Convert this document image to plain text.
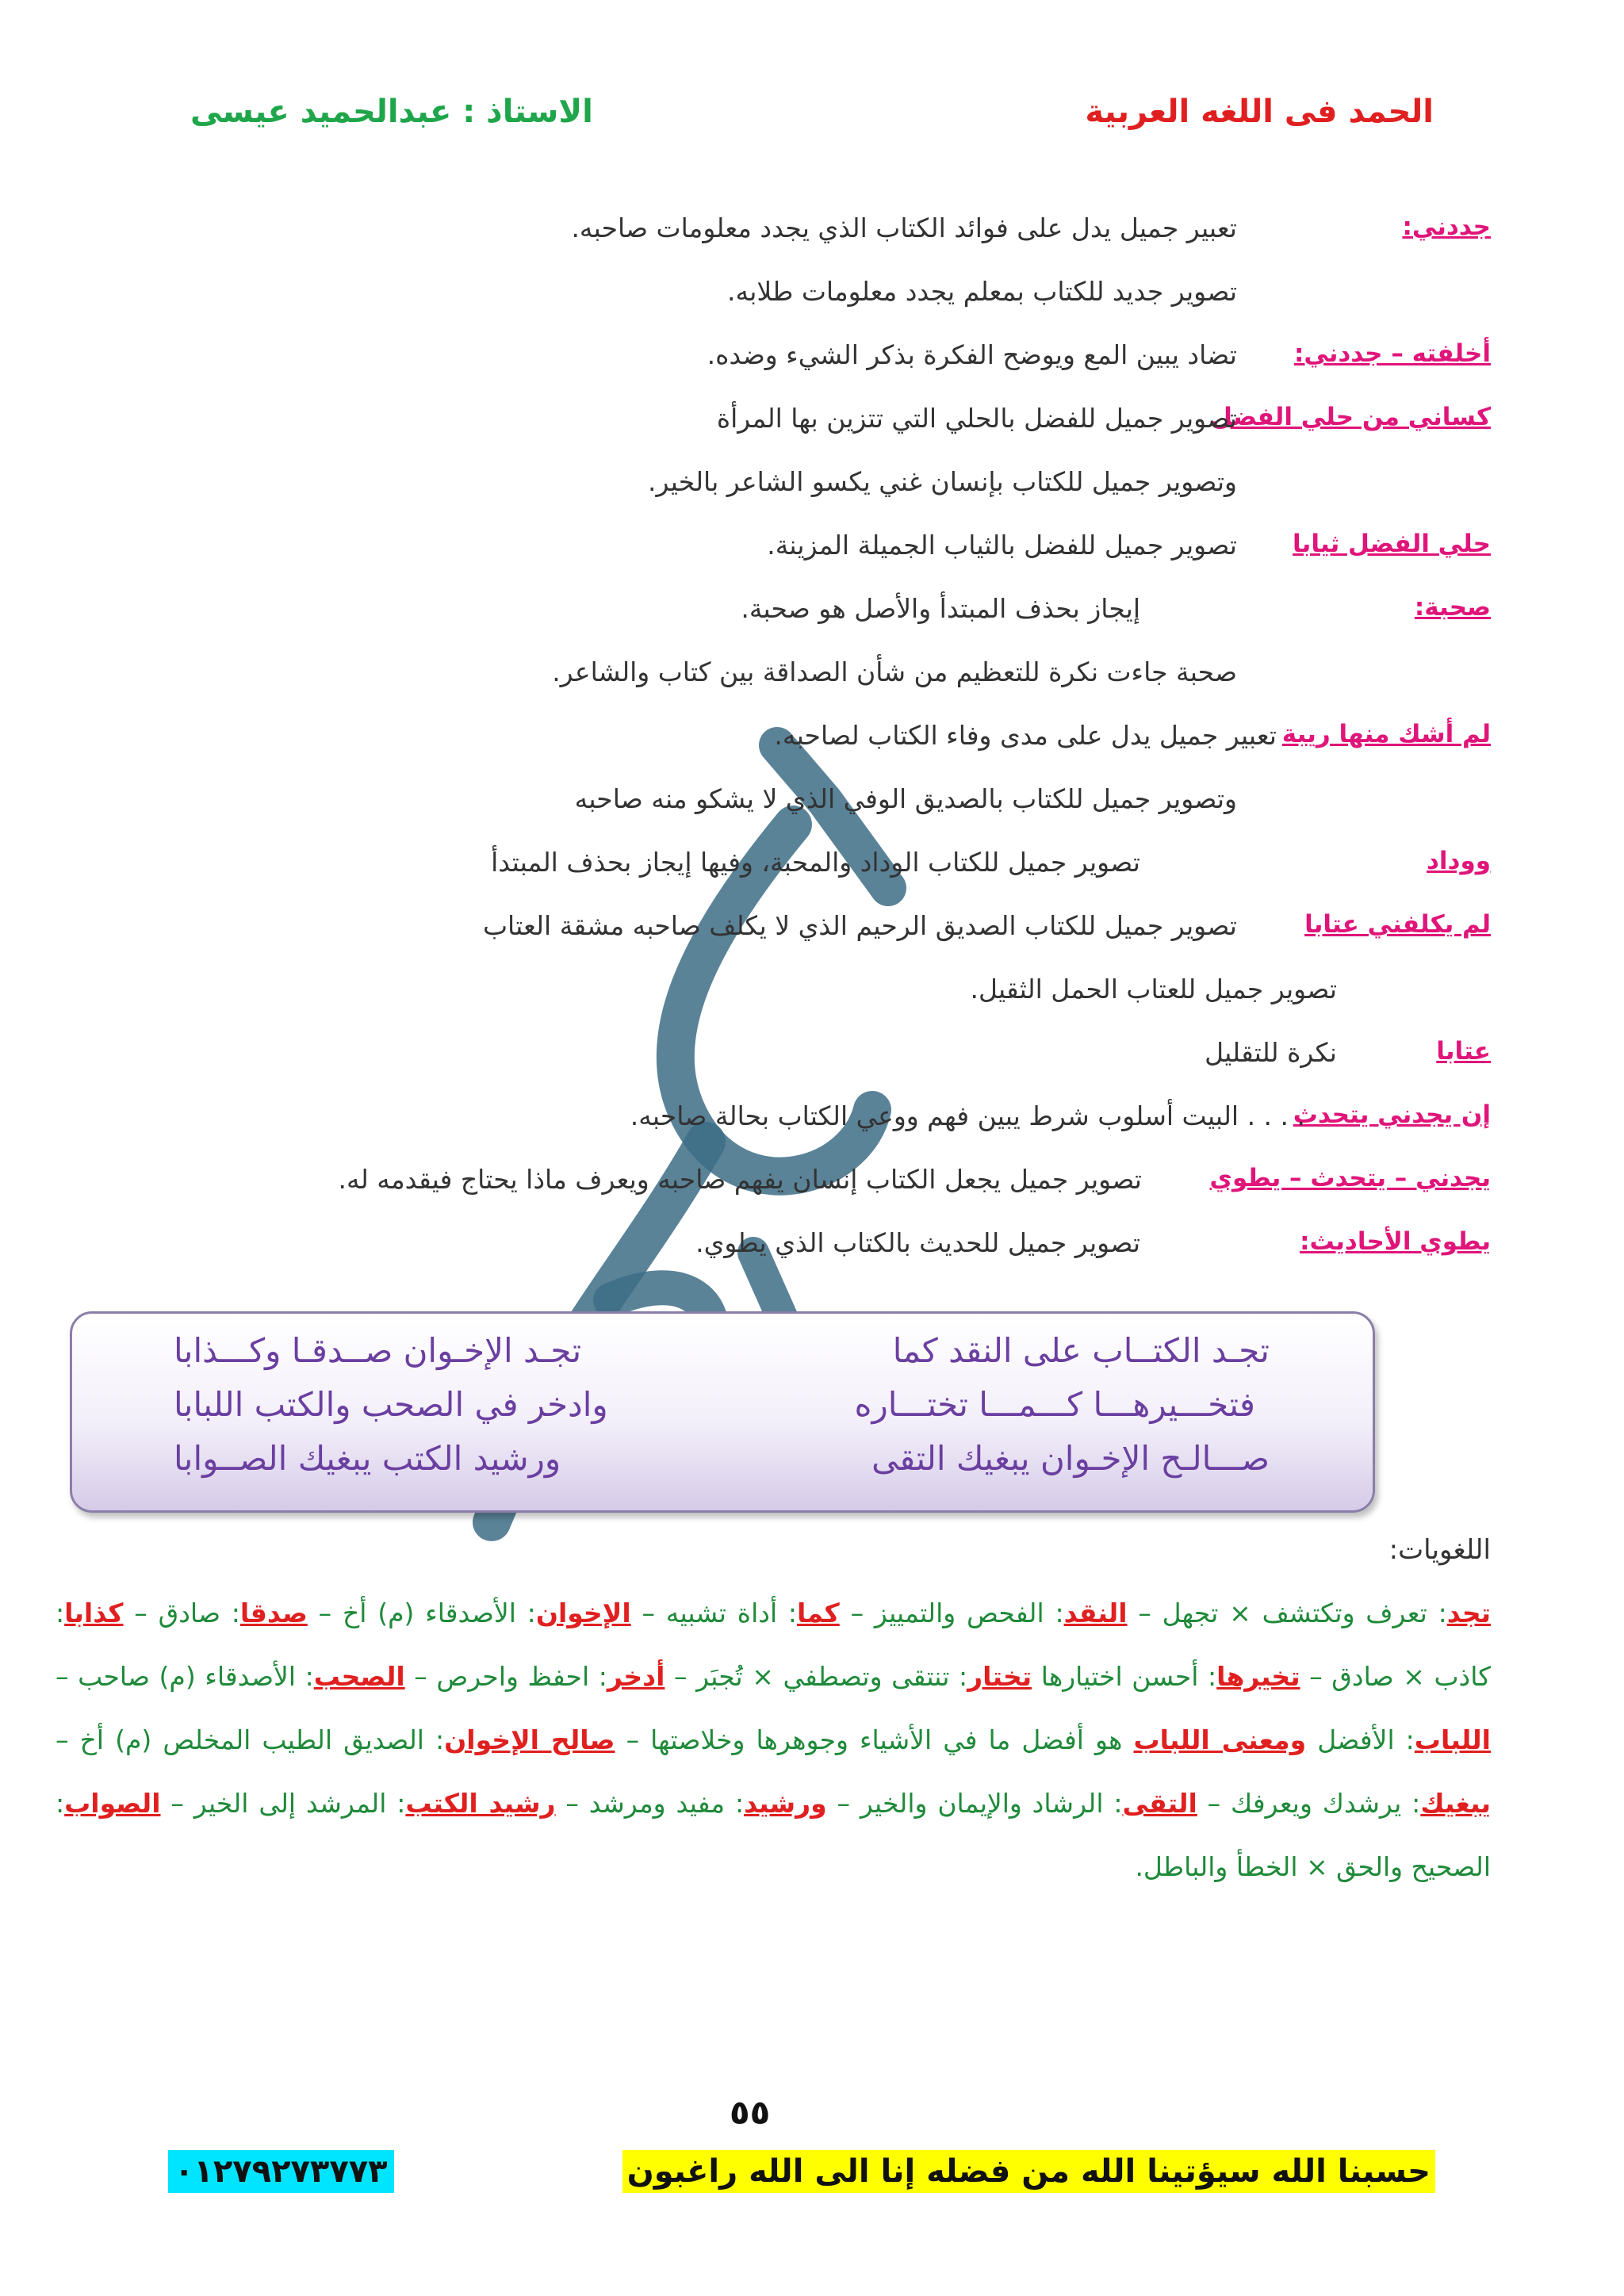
الحمد فى اللغه العربية
الاستاذ : عبدالحميد عيسى
جددني:
تعبير جميل يدل على فوائد الكتاب الذي يجدد معلومات صاحبه.
تصوير جديد للكتاب بمعلم يجدد معلومات طلابه.
أخلفته – جددني:
تضاد يبين المع ويوضح الفكرة بذكر الشيء وضده.
كساني من حلي الفضل
تصوير جميل للفضل بالحلي التي تتزين بها المرأة
وتصوير جميل للكتاب بإنسان غني يكسو الشاعر بالخير.
حلي الفضل ثيابا
تصوير جميل للفضل بالثياب الجميلة المزينة.
صحبة:
إيجاز بحذف المبتدأ والأصل هو صحبة.
صحبة جاءت نكرة للتعظيم من شأن الصداقة بين كتاب والشاعر.
لم أشك منها ريبة
تعبير جميل يدل على مدى وفاء الكتاب لصاحبه.
وتصوير جميل للكتاب بالصديق الوفي الذي لا يشكو منه صاحبه
ووداد
تصوير جميل للكتاب الوداد والمحبة، وفيها إيجاز بحذف المبتدأ
لم يكلفني عتابا
تصوير جميل للكتاب الصديق الرحيم الذي لا يكلف صاحبه مشقة العتاب
تصوير جميل للعتاب الحمل الثقيل.
عتابا
نكرة للتقليل
إن يجدني يتحدث
. . . . البيت أسلوب شرط يبين فهم ووعي الكتاب بحالة صاحبه.
يجدني – يتحدث – يطوي
تصوير جميل يجعل الكتاب إنسان يفهم صاحبه ويعرف ماذا يحتاج فيقدمه له.
يطوي الأحاديث:
تصوير جميل للحديث بالكتاب الذي يطوي.
تجـد الكتــاب على النقد كما
تجـد الإخـوان صــدقـا وكـــذابا
فتخـــيرهـــا كـــمـــا تختـــاره
وادخر في الصحب والكتب اللبابا
صـــالـح الإخـوان يبغيك التقى
ورشيد الكتب يبغيك الصــوابا
اللغويات:
تجد: تعرف وتكتشف × تجهل – النقد: الفحص والتمييز – كما: أداة تشبيه – الإخوان: الأصدقاء (م) أخ – صدقا: صادق – كذابا: كاذب × صادق – تخيرها: أحسن اختيارها تختار: تنتقى وتصطفي × تُجبَر – أدخر: احفظ واحرص – الصحب: الأصدقاء (م) صاحب – اللباب: الأفضل ومعنى اللباب هو أفضل ما في الأشياء وجوهرها وخلاصتها – صالح الإخوان: الصديق الطيب المخلص (م) أخ – يبغيك: يرشدك ويعرفك – التقى: الرشاد والإيمان والخير – ورشيد: مفيد ومرشد – رشيد الكتب: المرشد إلى الخير – الصواب: الصحيح والحق × الخطأ والباطل.
٥٥
حسبنا الله سيؤتينا الله من فضله إنا الى الله راغبون
٠١٢٧٩٢٧٣٧٧٣
